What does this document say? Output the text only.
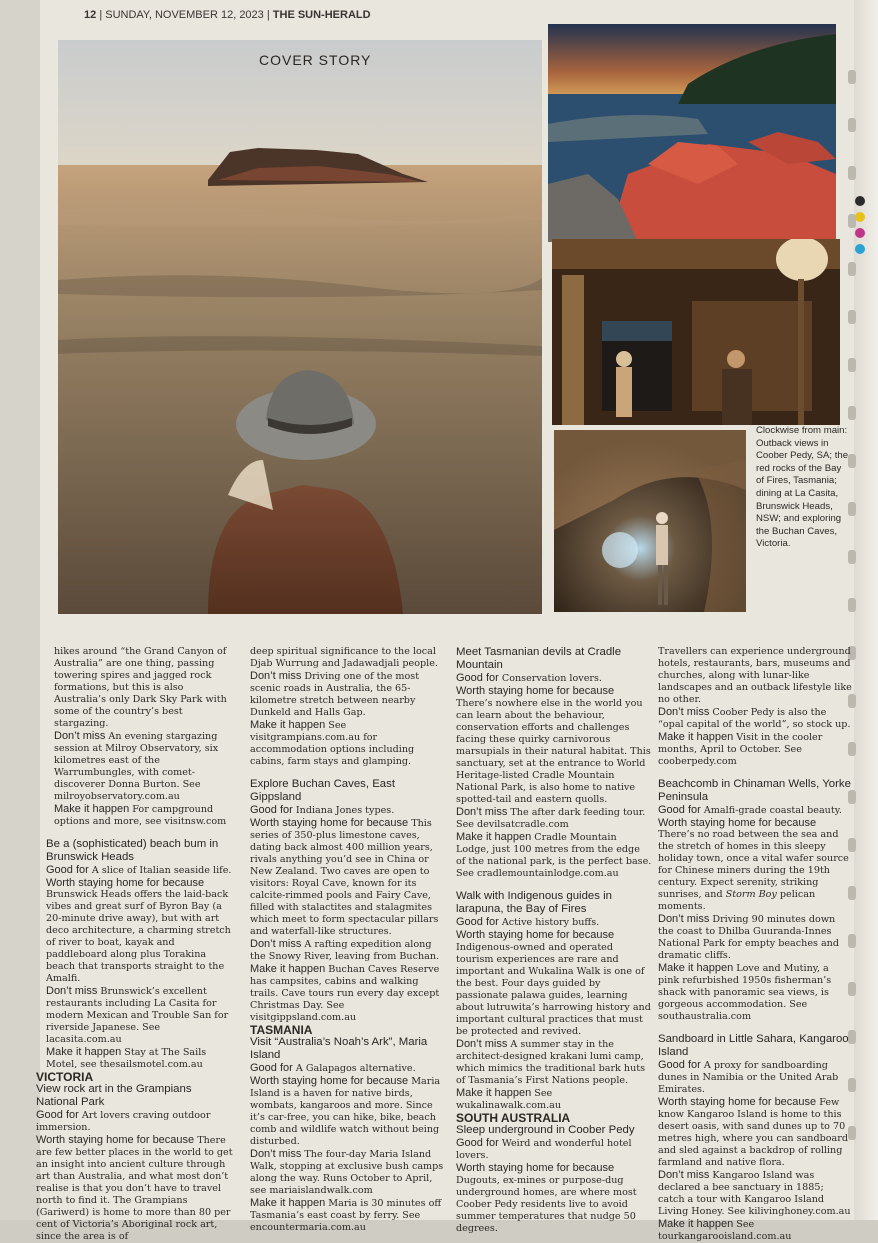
12 | SUNDAY, NOVEMBER 12, 2023 | THE SUN-HERALD
COVER STORY
Clockwise from main: Outback views in Coober Pedy, SA; the red rocks of the Bay of Fires, Tasmania; dining at La Casita, Brunswick Heads, NSW; and exploring the Buchan Caves, Victoria.

hikes around “the Grand Canyon of Australia” are one thing, passing towering spires and jagged rock formations, but this is also Australia’s only Dark Sky Park with some of the country’s best stargazing.

Don’t miss An evening stargazing session at Milroy Observatory, six kilometres east of the Warrumbungles, with comet-discoverer Donna Burton. See milroyobservatory.com.au

Make it happen For campground options and more, see visitnsw.com

Be a (sophisticated) beach bum in Brunswick Heads

Good for A slice of Italian seaside life.

Worth staying home for because

Brunswick Heads offers the laid-back vibes and great surf of Byron Bay (a 20-minute drive away), but with art deco architecture, a charming stretch of river to boat, kayak and paddleboard along plus Torakina beach that transports straight to the Amalfi.

Don’t miss Brunswick’s excellent restaurants including La Casita for modern Mexican and Trouble San for riverside Japanese. See lacasita.com.au

Make it happen Stay at The Sails Motel, see thesailsmotel.com.au

VICTORIA

View rock art in the Grampians National Park

Good for Art lovers craving outdoor immersion.

Worth staying home for because There are few better places in the world to get an insight into ancient culture through art than Australia, and what most don’t realise is that you don’t have to travel north to find it. The Grampians (Gariwerd) is home to more than 80 per cent of Victoria’s Aboriginal rock art, since the area is of

deep spiritual significance to the local Djab Wurrung and Jadawadjali people.

Don’t miss Driving one of the most scenic roads in Australia, the 65-kilometre stretch between nearby Dunkeld and Halls Gap.

Make it happen See visitgrampians.com.au for accommodation options including cabins, farm stays and glamping.

Explore Buchan Caves, East Gippsland

Good for Indiana Jones types.

Worth staying home for because This series of 350-plus limestone caves, dating back almost 400 million years, rivals anything you’d see in China or New Zealand. Two caves are open to visitors: Royal Cave, known for its calcite-rimmed pools and Fairy Cave, filled with stalactites and stalagmites which meet to form spectacular pillars and waterfall-like structures.

Don’t miss A rafting expedition along the Snowy River, leaving from Buchan.

Make it happen Buchan Caves Reserve has campsites, cabins and walking trails. Cave tours run every day except Christmas Day. See visitgippsland.com.au

TASMANIA

Visit “Australia’s Noah’s Ark”, Maria Island

Good for A Galapagos alternative.

Worth staying home for because Maria Island is a haven for native birds, wombats, kangaroos and more. Since it’s car-free, you can hike, bike, beach comb and wildlife watch without being disturbed.

Don’t miss The four-day Maria Island Walk, stopping at exclusive bush camps along the way. Runs October to April, see mariaislandwalk.com

Make it happen Maria is 30 minutes off Tasmania’s east coast by ferry. See encountermaria.com.au

Meet Tasmanian devils at Cradle Mountain

Good for Conservation lovers.

Worth staying home for because There’s nowhere else in the world you can learn about the behaviour, conservation efforts and challenges facing these quirky carnivorous marsupials in their natural habitat. This sanctuary, set at the entrance to World Heritage-listed Cradle Mountain National Park, is also home to native spotted-tail and eastern quolls.

Don’t miss The after dark feeding tour. See devilsatcradle.com

Make it happen Cradle Mountain Lodge, just 100 metres from the edge of the national park, is the perfect base. See cradlemountainlodge.com.au

Walk with Indigenous guides in larapuna, the Bay of Fires

Good for Active history buffs.

Worth staying home for because Indigenous-owned and operated tourism experiences are rare and important and Wukalina Walk is one of the best. Four days guided by passionate palawa guides, learning about lutruwita’s harrowing history and important cultural practices that must be protected and revived.

Don’t miss A summer stay in the architect-designed krakani lumi camp, which mimics the traditional bark huts of Tasmania’s First Nations people.

Make it happen See wukalinawalk.com.au

SOUTH AUSTRALIA

Sleep underground in Coober Pedy

Good for Weird and wonderful hotel lovers.

Worth staying home for because Dugouts, ex-mines or purpose-dug underground homes, are where most Coober Pedy residents live to avoid summer temperatures that nudge 50 degrees.

Travellers can experience underground hotels, restaurants, bars, museums and churches, along with lunar-like landscapes and an outback lifestyle like no other.

Don’t miss Coober Pedy is also the “opal capital of the world”, so stock up.

Make it happen Visit in the cooler months, April to October. See cooberpedy.com

Beachcomb in Chinaman Wells, Yorke Peninsula

Good for Amalfi-grade coastal beauty.

Worth staying home for because

There’s no road between the sea and the stretch of homes in this sleepy holiday town, once a vital wafer source for Chinese miners during the 19th century. Expect serenity, striking sunrises, and Storm Boy pelican moments.

Don’t miss Driving 90 minutes down the coast to Dhilba Guuranda-Innes National Park for empty beaches and dramatic cliffs.

Make it happen Love and Mutiny, a pink refurbished 1950s fisherman’s shack with panoramic sea views, is gorgeous accommodation. See southaustralia.com

Sandboard in Little Sahara, Kangaroo Island

Good for A proxy for sandboarding dunes in Namibia or the United Arab Emirates.

Worth staying home for because Few know Kangaroo Island is home to this desert oasis, with sand dunes up to 70 metres high, where you can sandboard and sled against a backdrop of rolling farmland and native flora.

Don’t miss Kangaroo Island was declared a bee sanctuary in 1885; catch a tour with Kangaroo Island Living Honey. See kilivinghoney.com.au

Make it happen See tourkangarooisland.com.au
